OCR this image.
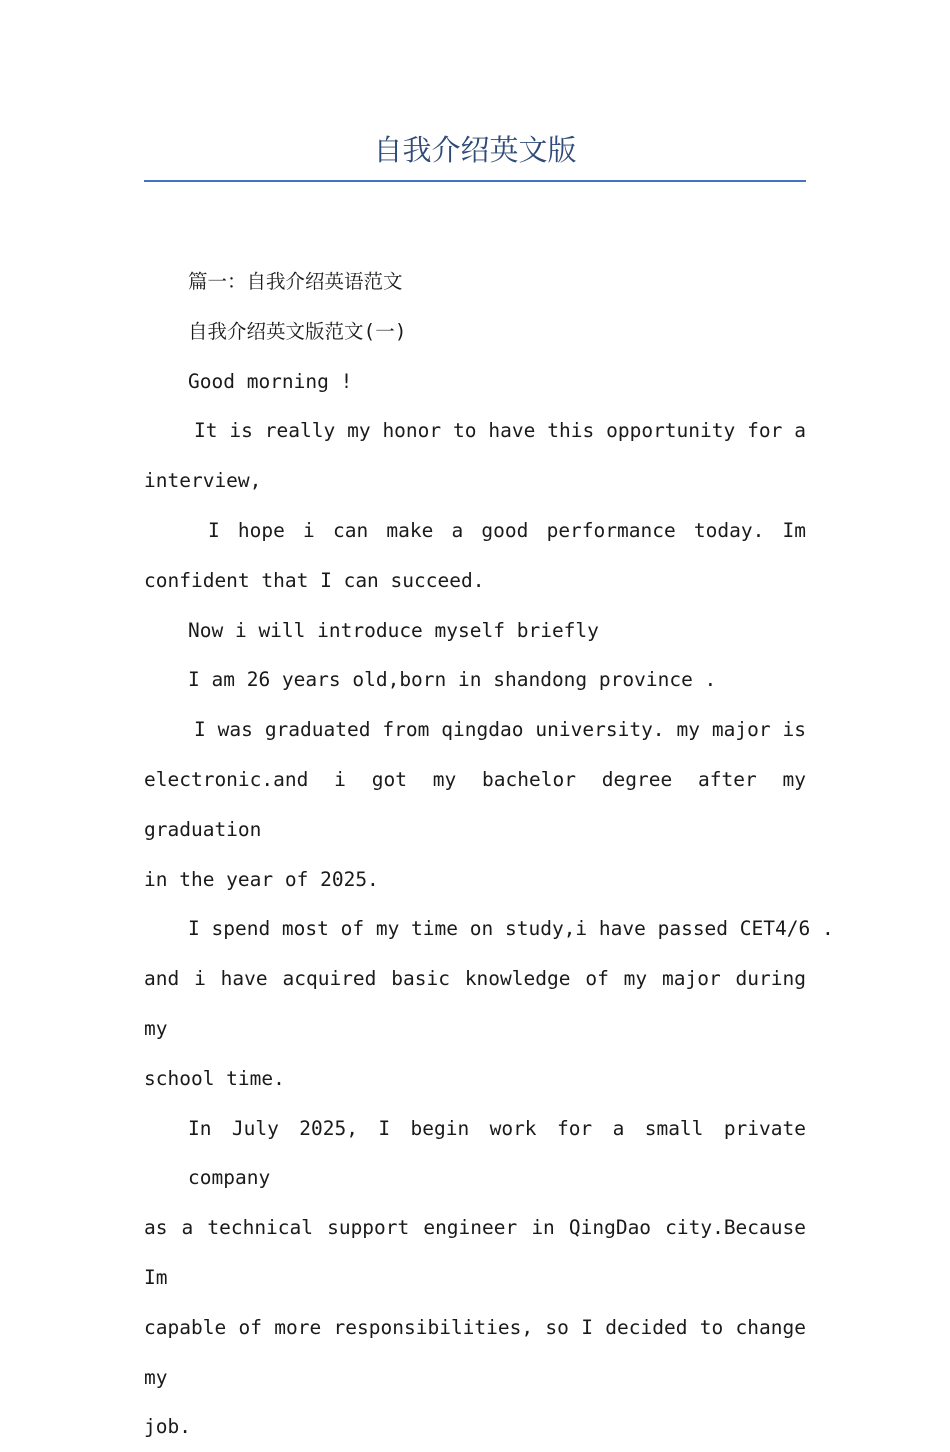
自我介绍英文版

篇一：自我介绍英语范文

自我介绍英文版范文(一)

Good morning !

It is really my honor to have this opportunity for a

interview,

I hope i can make a good performance today. Im

confident that I can succeed.

Now i will introduce myself briefly

I am 26 years old,born in shandong province .

I was graduated from qingdao university. my major is

electronic.and i got my bachelor degree after my graduation

in the year of 2025.

I spend most of my time on study,i have passed CET4/6 .

and i have acquired basic knowledge of my major during my

school time.

In July 2025, I begin work for a small private company

as a technical support engineer in QingDao city.Because Im

capable of more responsibilities, so I decided to change my

job.
